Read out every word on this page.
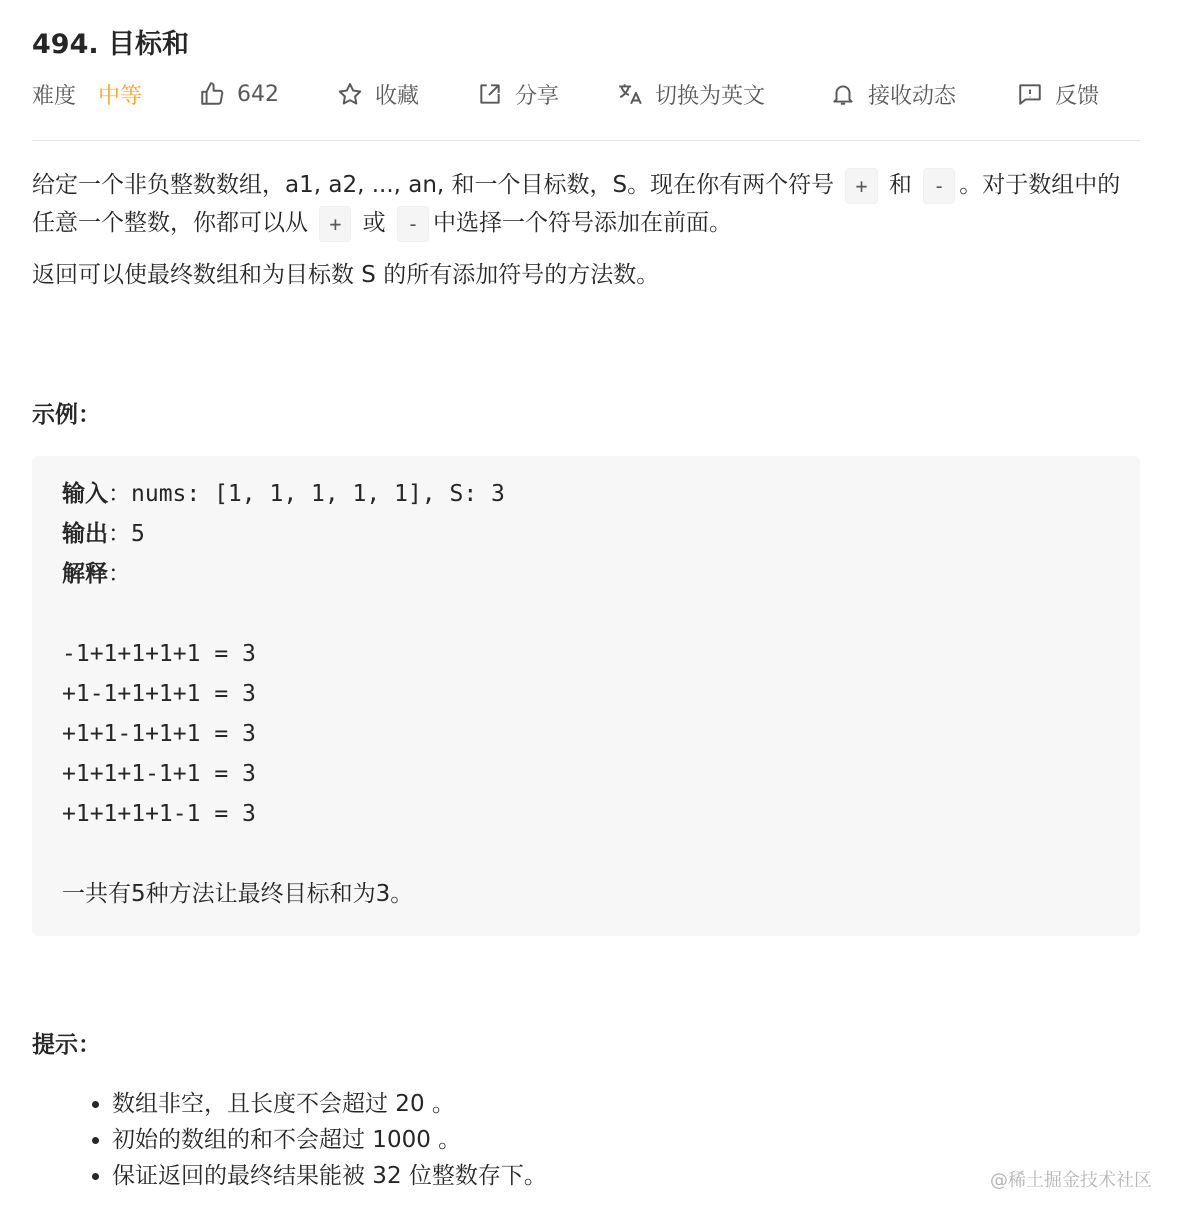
494. 目标和
难度 中等	642	收藏	分享	切换为英文	接收动态	反馈

给定一个非负整数数组，a1, a2, ..., an, 和一个目标数，S。现在你有两个符号 + 和 - 。对于数组中的任意一个整数，你都可以从 + 或 - 中选择一个符号添加在前面。

返回可以使最终数组和为目标数 S 的所有添加符号的方法数。

示例：
输入：nums: [1, 1, 1, 1, 1], S: 3
输出：5
解释：
-1+1+1+1+1 = 3
+1-1+1+1+1 = 3
+1+1-1+1+1 = 3
+1+1+1-1+1 = 3
+1+1+1+1-1 = 3
一共有5种方法让最终目标和为3。
提示：
• 数组非空，且长度不会超过 20 。
• 初始的数组的和不会超过 1000 。
• 保证返回的最终结果能被 32 位整数存下。	@稀土掘金技术社区
